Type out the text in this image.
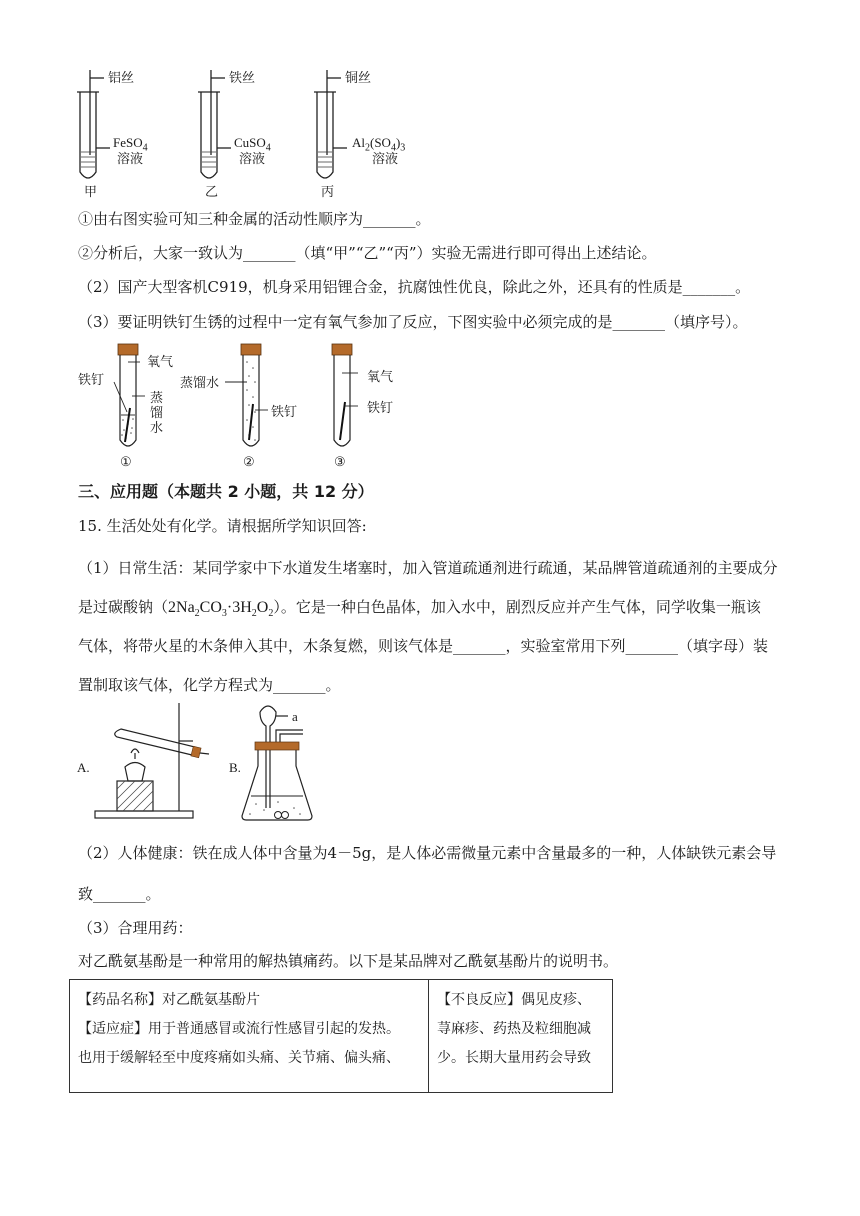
铝丝	铁丝	铜丝
FeSO$_4$
溶液
CuSO$_4$
溶液
$Al_2(SO_4)_3$
溶液
甲	乙	丙
①由右图实验可知三种金属的活动性顺序为_______。
②分析后，大家一致认为_______（填“甲”“乙”“丙”）实验无需进行即可得出上述结论。
（2）国产大型客机C919，机身采用铝锂合金，抗腐蚀性优良，除此之外，还具有的性质是_______。
（3）要证明铁钉生锈的过程中一定有氧气参加了反应，下图实验中必须完成的是_______（填序号）。
氧气
铁钉
蒸馏水
①
蒸馏水
铁钉
②
氧气
铁钉
③
三、应用题（本题共 2 小题，共 12 分）
15. 生活处处有化学。请根据所学知识回答:
（1）日常生活：某同学家中下水道发生堵塞时，加入管道疏通剂进行疏通，某品牌管道疏通剂的主要成分
是过碳酸钠$(2Na_2CO_3\cdot 3H_2O_2)$。它是一种白色晶体，加入水中，剧烈反应并产生气体，同学收集一瓶该
气体，将带火星的木条伸入其中，木条复燃，则该气体是_______，实验室常用下列_______（填字母）装
置制取该气体，化学方程式为_______。
A.	B.
a
（2）人体健康：铁在成人体中含量为4－5g，是人体必需微量元素中含量最多的一种，人体缺铁元素会导
致_______。
（3）合理用药：
对乙酰氨基酚是一种常用的解热镇痛药。以下是某品牌对乙酰氨基酚片的说明书。
【药品名称】对乙酰氨基酚片
【适应症】用于普通感冒或流行性感冒引起的发热。
也用于缓解轻至中度疼痛如头痛、关节痛、偏头痛、

【不良反应】偶见皮疹、
荨麻疹、药热及粒细胞减
少。长期大量用药会导致
